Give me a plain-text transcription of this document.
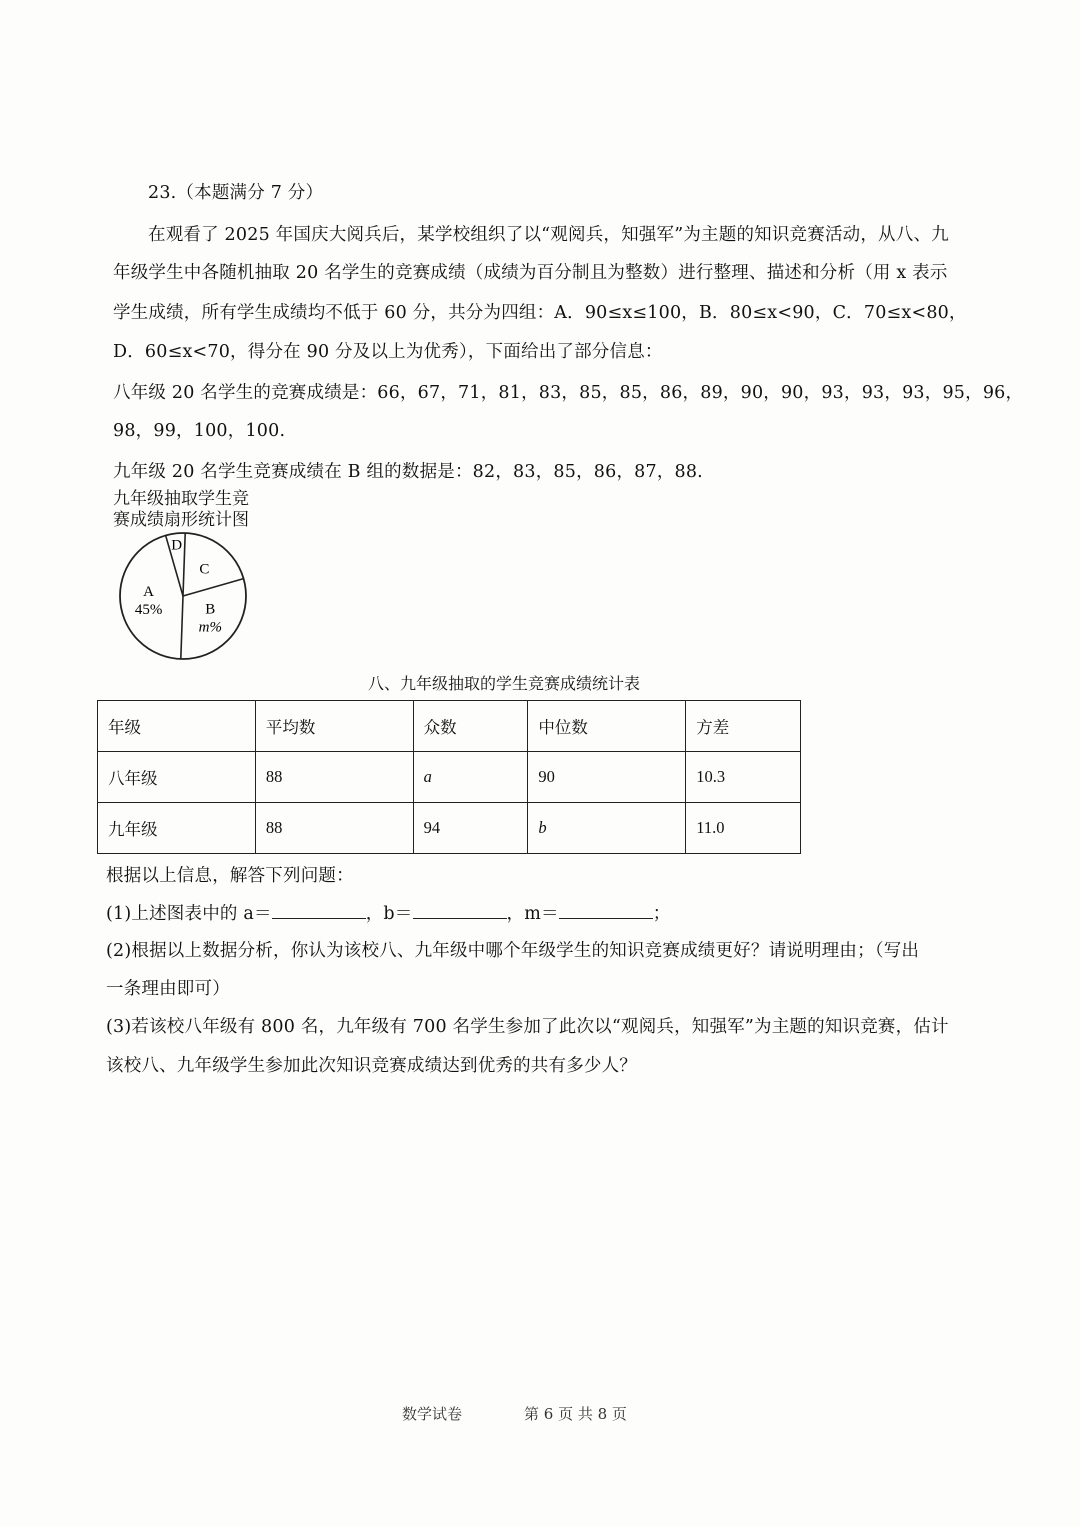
23.（本题满分 7 分）
在观看了 2025 年国庆大阅兵后，某学校组织了以“观阅兵，知强军”为主题的知识竞赛活动，从八、九
年级学生中各随机抽取 20 名学生的竞赛成绩（成绩为百分制且为整数）进行整理、描述和分析（用 x 表示
学生成绩，所有学生成绩均不低于 60 分，共分为四组：A．90≤x≤100，B．80≤x<90，C．70≤x<80，
D．60≤x<70，得分在 90 分及以上为优秀），下面给出了部分信息：
八年级 20 名学生的竞赛成绩是：66，67，71，81，83，85，85，86，89，90，90，93，93，93，95，96，
98，99，100，100.
九年级 20 名学生竞赛成绩在 B 组的数据是：82，83，85，86，87，88.
九年级抽取学生竞
赛成绩扇形统计图
A
45%
D
C
B
m%
八、九年级抽取的学生竞赛成绩统计表
年级	平均数	众数	中位数	方差
八年级	88	a	90	10.3
九年级	88	94	b	11.0
根据以上信息，解答下列问题：
(1)上述图表中的 a＝	，b＝	，m＝	；
(2)根据以上数据分析，你认为该校八、九年级中哪个年级学生的知识竞赛成绩更好？请说明理由；（写出
一条理由即可）
(3)若该校八年级有 800 名，九年级有 700 名学生参加了此次以“观阅兵，知强军”为主题的知识竞赛，估计
该校八、九年级学生参加此次知识竞赛成绩达到优秀的共有多少人？
数学试卷	第 6 页 共 8 页
